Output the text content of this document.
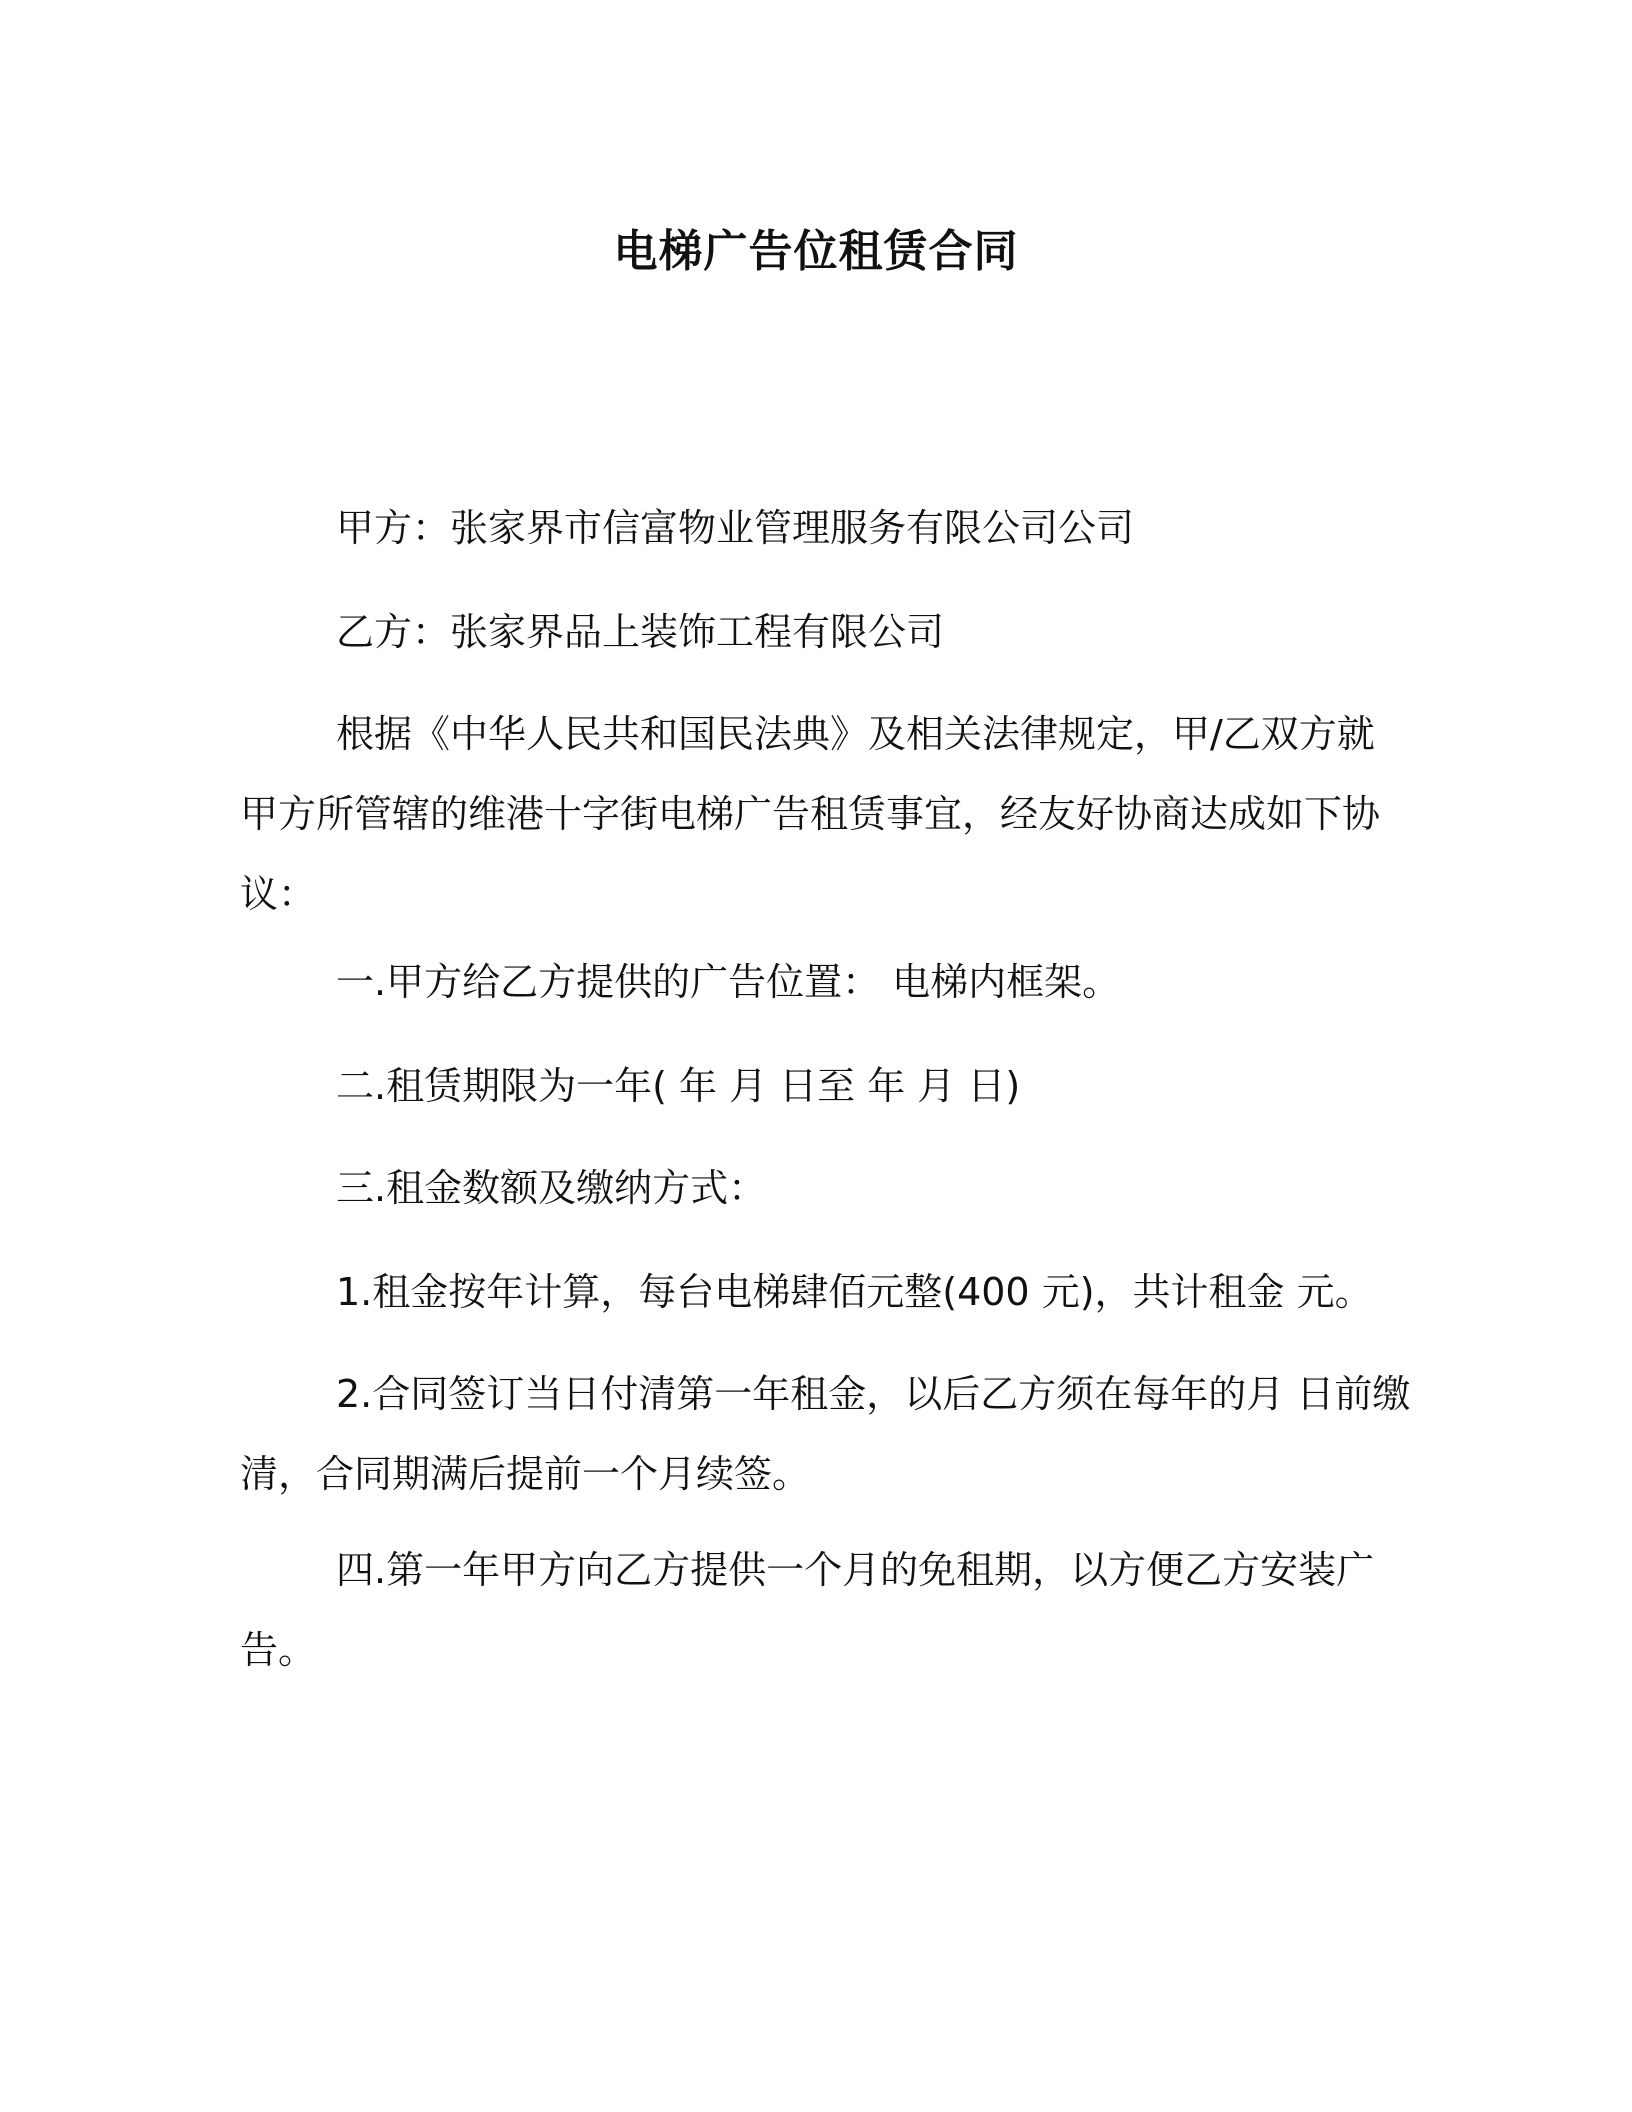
电梯广告位租赁合同

甲方：张家界市信富物业管理服务有限公司公司

乙方：张家界品上装饰工程有限公司

根据《中华人民共和国民法典》及相关法律规定，甲/乙双方就

甲方所管辖的维港十字街电梯广告租赁事宜，经友好协商达成如下协

议：

一.甲方给乙方提供的广告位置： 电梯内框架。

二.租赁期限为一年( 年 月 日至 年 月 日)

三.租金数额及缴纳方式：

1.租金按年计算，每台电梯肆佰元整(400 元)，共计租金 元。

2.合同签订当日付清第一年租金，以后乙方须在每年的月 日前缴

清，合同期满后提前一个月续签。

四.第一年甲方向乙方提供一个月的免租期，以方便乙方安装广

告。
